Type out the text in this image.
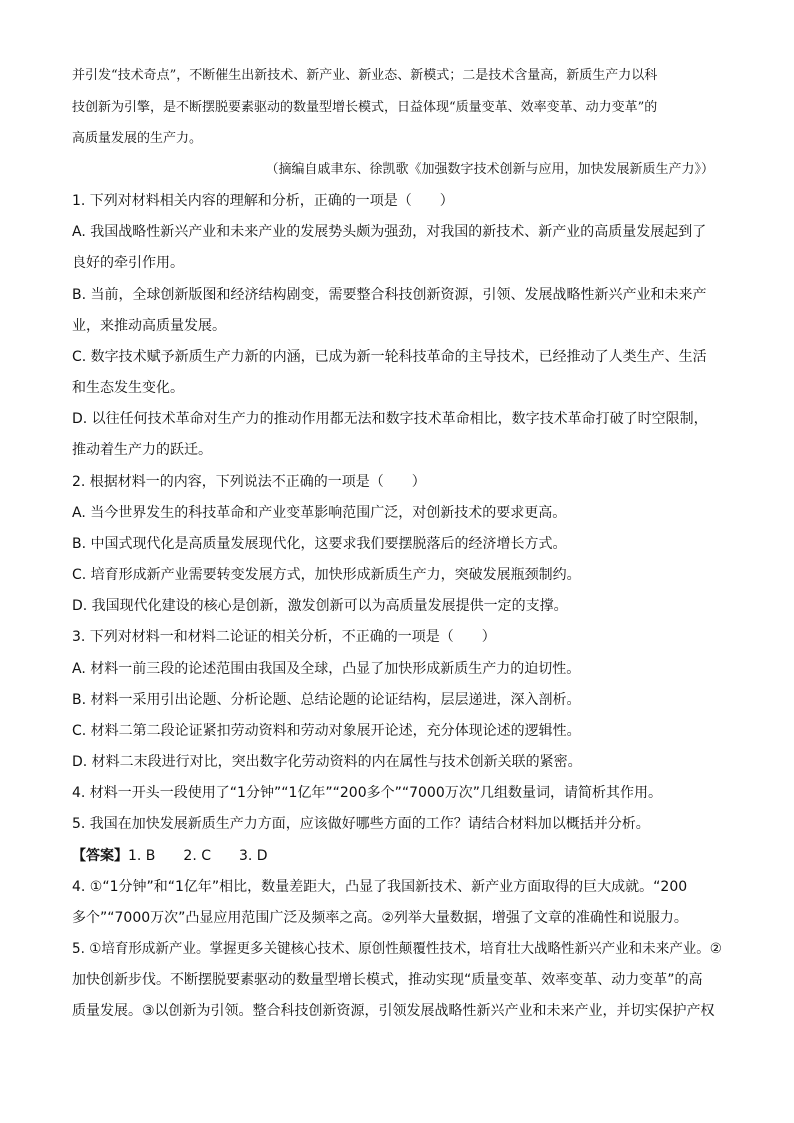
并引发“技术奇点”，不断催生出新技术、新产业、新业态、新模式；二是技术含量高，新质生产力以科
技创新为引擎，是不断摆脱要素驱动的数量型增长模式，日益体现“质量变革、效率变革、动力变革”的
高质量发展的生产力。
（摘编自戚聿东、徐凯歌《加强数字技术创新与应用，加快发展新质生产力》）
1. 下列对材料相关内容的理解和分析，正确的一项是（　　）
A. 我国战略性新兴产业和未来产业的发展势头颇为强劲，对我国的新技术、新产业的高质量发展起到了
良好的牵引作用。
B. 当前，全球创新版图和经济结构剧变，需要整合科技创新资源，引领、发展战略性新兴产业和未来产
业，来推动高质量发展。
C. 数字技术赋予新质生产力新的内涵，已成为新一轮科技革命的主导技术，已经推动了人类生产、生活
和生态发生变化。
D. 以往任何技术革命对生产力的推动作用都无法和数字技术革命相比，数字技术革命打破了时空限制，
推动着生产力的跃迁。
2. 根据材料一的内容，下列说法不正确的一项是（　　）
A. 当今世界发生的科技革命和产业变革影响范围广泛，对创新技术的要求更高。
B. 中国式现代化是高质量发展现代化，这要求我们要摆脱落后的经济增长方式。
C. 培育形成新产业需要转变发展方式，加快形成新质生产力，突破发展瓶颈制约。
D. 我国现代化建设的核心是创新，激发创新可以为高质量发展提供一定的支撑。
3. 下列对材料一和材料二论证的相关分析，不正确的一项是（　　）
A. 材料一前三段的论述范围由我国及全球，凸显了加快形成新质生产力的迫切性。
B. 材料一采用引出论题、分析论题、总结论题的论证结构，层层递进，深入剖析。
C. 材料二第二段论证紧扣劳动资料和劳动对象展开论述，充分体现论述的逻辑性。
D. 材料二末段进行对比，突出数字化劳动资料的内在属性与技术创新关联的紧密。
4. 材料一开头一段使用了“1分钟”“1亿年”“200多个”“7000万次”几组数量词，请简析其作用。
5. 我国在加快发展新质生产力方面，应该做好哪些方面的工作？请结合材料加以概括并分析。
【答案】1. B　　2. C　　3. D
4. ①“1分钟”和“1亿年”相比，数量差距大，凸显了我国新技术、新产业方面取得的巨大成就。“200
多个”“7000万次”凸显应用范围广泛及频率之高。②列举大量数据，增强了文章的准确性和说服力。
5. ①培育形成新产业。掌握更多关键核心技术、原创性颠覆性技术，培育壮大战略性新兴产业和未来产业。②
加快创新步伐。不断摆脱要素驱动的数量型增长模式，推动实现“质量变革、效率变革、动力变革”的高
质量发展。③以创新为引领。整合科技创新资源，引领发展战略性新兴产业和未来产业，并切实保护产权
